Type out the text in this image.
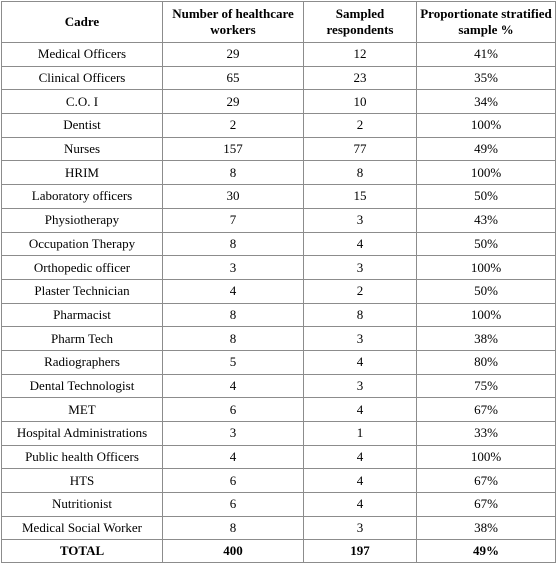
Cadre	Number of healthcare workers	Sampled respondents	Proportionate stratified sample %
Medical Officers	29	12	41%
Clinical Officers	65	23	35%
C.O. I	29	10	34%
Dentist	2	2	100%
Nurses	157	77	49%
HRIM	8	8	100%
Laboratory officers	30	15	50%
Physiotherapy	7	3	43%
Occupation Therapy	8	4	50%
Orthopedic officer	3	3	100%
Plaster Technician	4	2	50%
Pharmacist	8	8	100%
Pharm Tech	8	3	38%
Radiographers	5	4	80%
Dental Technologist	4	3	75%
MET	6	4	67%
Hospital Administrations	3	1	33%
Public health Officers	4	4	100%
HTS	6	4	67%
Nutritionist	6	4	67%
Medical Social Worker	8	3	38%
TOTAL	400	197	49%
